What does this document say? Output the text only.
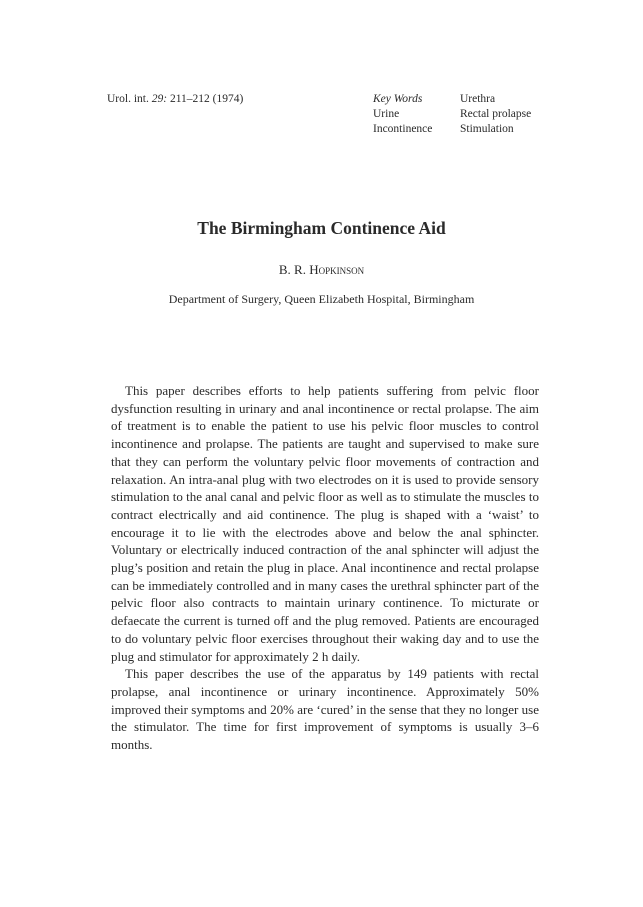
Urol. int. 29: 211–212 (1974)	Key Words
Urine
Incontinence
Urethra
Rectal prolapse
Stimulation
The Birmingham Continence Aid
B. R. Hopkinson
Department of Surgery, Queen Elizabeth Hospital, Birmingham

This paper describes efforts to help patients suffering from pelvic floor dysfunction resulting in urinary and anal incontinence or rectal prolapse. The aim of treatment is to enable the patient to use his pelvic floor muscles to control incontinence and prolapse. The patients are taught and supervised to make sure that they can perform the voluntary pelvic floor movements of contraction and relaxation. An intra-anal plug with two electrodes on it is used to provide sensory stimulation to the anal canal and pelvic floor as well as to stimulate the muscles to contract electrically and aid continence. The plug is shaped with a ‘waist’ to encourage it to lie with the electrodes above and below the anal sphincter. Voluntary or electrically induced contraction of the anal sphincter will adjust the plug’s position and retain the plug in place. Anal incontinence and rectal prolapse can be immediately controlled and in many cases the urethral sphincter part of the pelvic floor also contracts to maintain urinary continence. To micturate or defaecate the current is turned off and the plug removed. Patients are encouraged to do voluntary pelvic floor exercises throughout their waking day and to use the plug and stimulator for approximately 2 h daily.

This paper describes the use of the apparatus by 149 patients with rectal prolapse, anal incontinence or urinary incontinence. Approximately 50% improved their symptoms and 20% are ‘cured’ in the sense that they no longer use the stimulator. The time for first improvement of symptoms is usually 3–6 months.
